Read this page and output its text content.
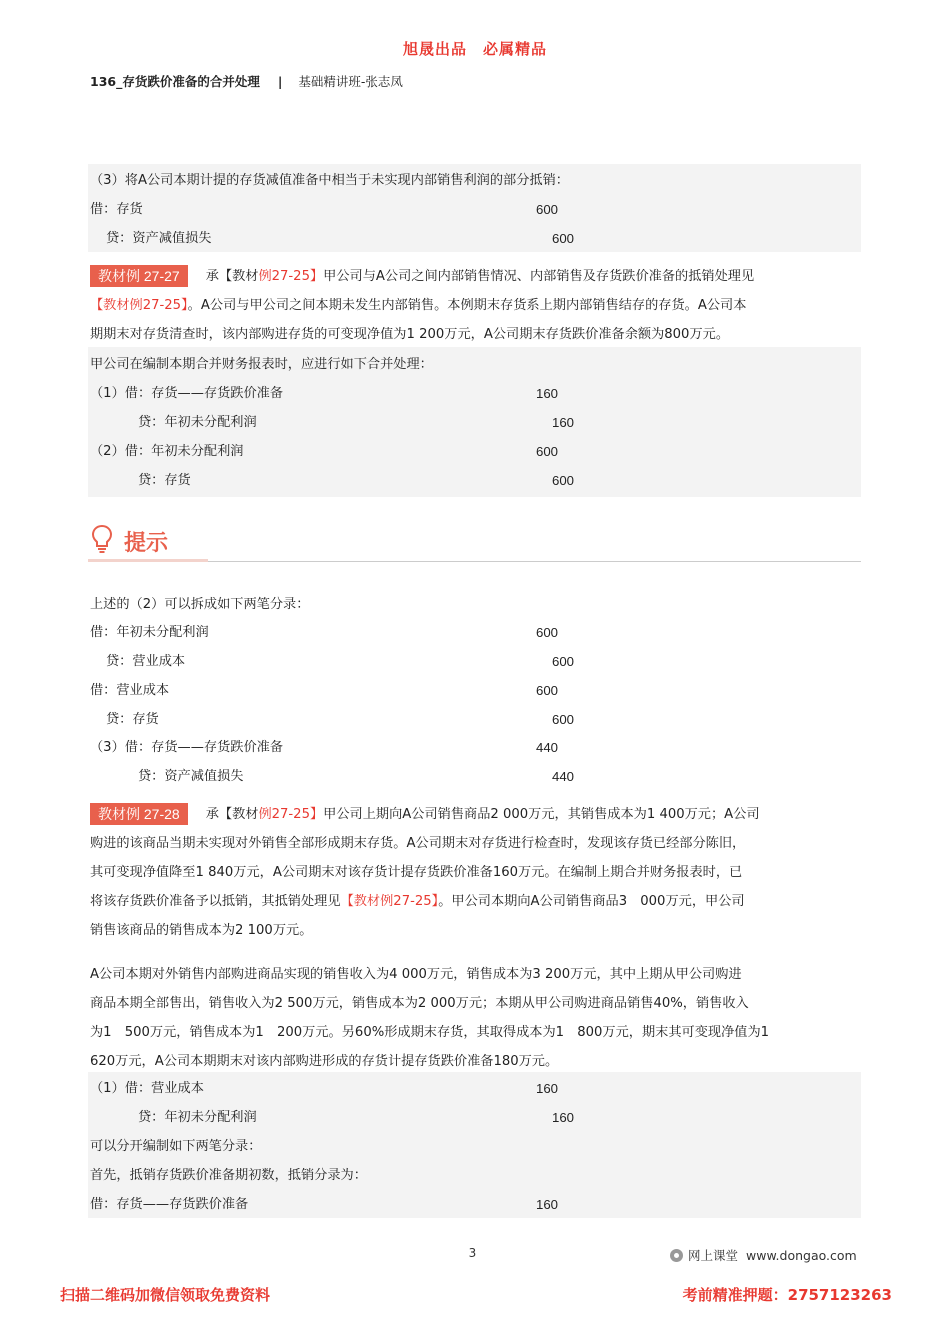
旭晟出品　必属精品
136_存货跌价准备的合并处理 | 基础精讲班-张志凤
（3）将A公司本期计提的存货减值准备中相当于未实现内部销售利润的部分抵销：
借：存货	600
贷：资产减值损失	600
教材例 27-27 承【教材例27-25】甲公司与A公司之间内部销售情况、内部销售及存货跌价准备的抵销处理见
【教材例27-25】。A公司与甲公司之间本期未发生内部销售。本例期末存货系上期内部销售结存的存货。A公司本
期期末对存货清查时，该内部购进存货的可变现净值为1 200万元，A公司期末存货跌价准备余额为800万元。
甲公司在编制本期合并财务报表时，应进行如下合并处理：
（1）借：存货——存货跌价准备	160
贷：年初未分配利润	160
（2）借：年初未分配利润	600
贷：存货	600
提示
上述的（2）可以拆成如下两笔分录：
借：年初未分配利润	600
贷：营业成本	600
借：营业成本	600
贷：存货	600
（3）借：存货——存货跌价准备	440
贷：资产减值损失	440
教材例 27-28 承【教材例27-25】甲公司上期向A公司销售商品2 000万元，其销售成本为1 400万元；A公司
购进的该商品当期未实现对外销售全部形成期末存货。A公司期末对存货进行检查时，发现该存货已经部分陈旧，
其可变现净值降至1 840万元，A公司期末对该存货计提存货跌价准备160万元。在编制上期合并财务报表时，已
将该存货跌价准备予以抵销，其抵销处理见【教材例27-25】。甲公司本期向A公司销售商品3　000万元，甲公司
销售该商品的销售成本为2 100万元。
A公司本期对外销售内部购进商品实现的销售收入为4 000万元，销售成本为3 200万元，其中上期从甲公司购进
商品本期全部售出，销售收入为2 500万元，销售成本为2 000万元；本期从甲公司购进商品销售40%，销售收入
为1　500万元，销售成本为1　200万元。另60%形成期末存货，其取得成本为1　800万元，期末其可变现净值为1
620万元，A公司本期期末对该内部购进形成的存货计提存货跌价准备180万元。
（1）借：营业成本	160
贷：年初未分配利润	160
可以分开编制如下两笔分录：
首先，抵销存货跌价准备期初数，抵销分录为：
借：存货——存货跌价准备	160
3	网上课堂 www.dongao.com
扫描二维码加微信领取免费资料	考前精准押题：2757123263
